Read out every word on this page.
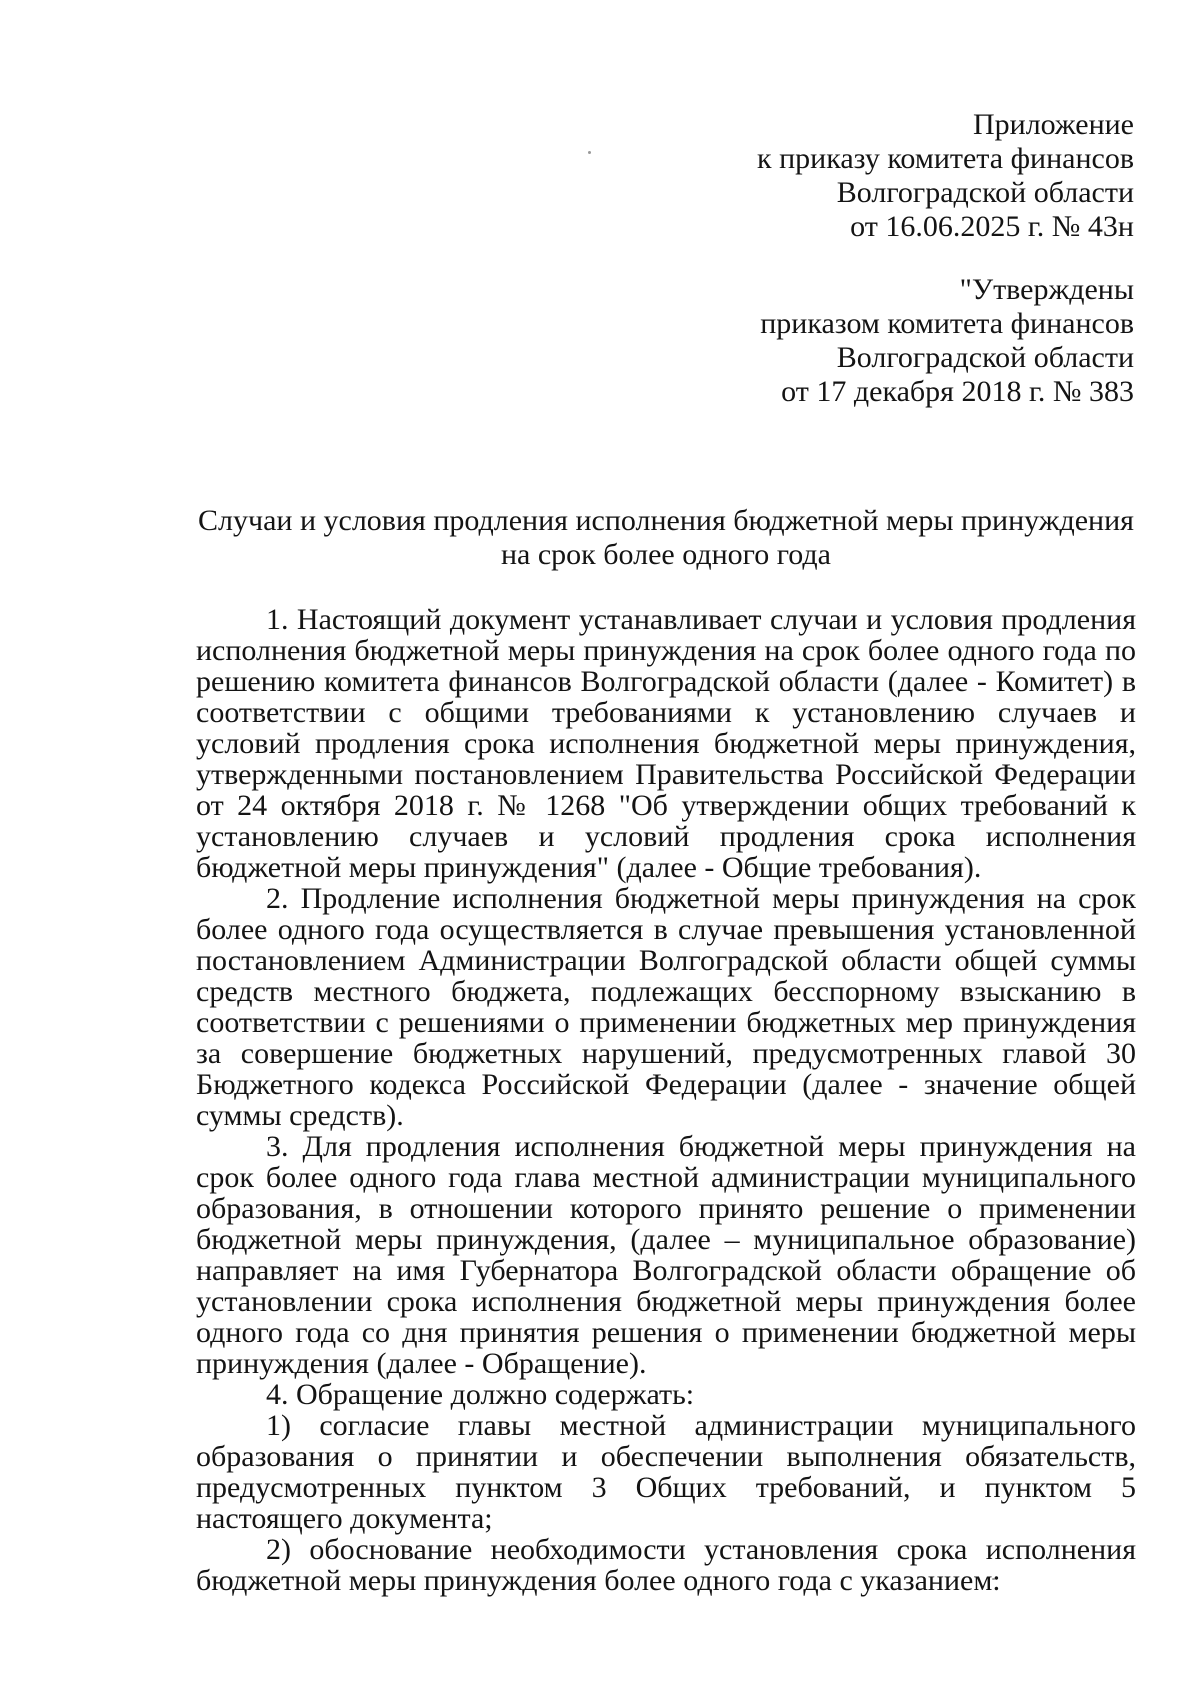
Приложение
к приказу комитета финансов
Волгоградской области
от 16.06.2025 г. № 43н
"Утверждены
приказом комитета финансов
Волгоградской области
от 17 декабря 2018 г. № 383
Случаи и условия продления исполнения бюджетной меры принуждения
на срок более одного года

1. Настоящий документ устанавливает случаи и условия продления исполнения бюджетной меры принуждения на срок более одного года по решению комитета финансов Волгоградской области (далее - Комитет) в соответствии с общими требованиями к установлению случаев и условий продления срока исполнения бюджетной меры принуждения, утвержденными постановлением Правительства Российской Федерации от 24 октября 2018 г. № 1268 "Об утверждении общих требований к установлению случаев и условий продления срока исполнения бюджетной меры принуждения" (далее - Общие требования).

2. Продление исполнения бюджетной меры принуждения на срок более одного года осуществляется в случае превышения установленной постановлением Администрации Волгоградской области общей суммы средств местного бюджета, подлежащих бесспорному взысканию в соответствии с решениями о применении бюджетных мер принуждения за совершение бюджетных нарушений, предусмотренных главой 30 Бюджетного кодекса Российской Федерации (далее - значение общей суммы средств).

3. Для продления исполнения бюджетной меры принуждения на срок более одного года глава местной администрации муниципального образования, в отношении которого принято решение о применении бюджетной меры принуждения, (далее – муниципальное образование) направляет на имя Губернатора Волгоградской области обращение об установлении срока исполнения бюджетной меры принуждения более одного года со дня принятия решения о применении бюджетной меры принуждения (далее - Обращение).

4. Обращение должно содержать:

1) согласие главы местной администрации муниципального образования о принятии и обеспечении выполнения обязательств, предусмотренных пунктом 3 Общих требований, и пунктом 5 настоящего документа;

2) обоснование необходимости установления срока исполнения бюджетной меры принуждения более одного года с указанием:
